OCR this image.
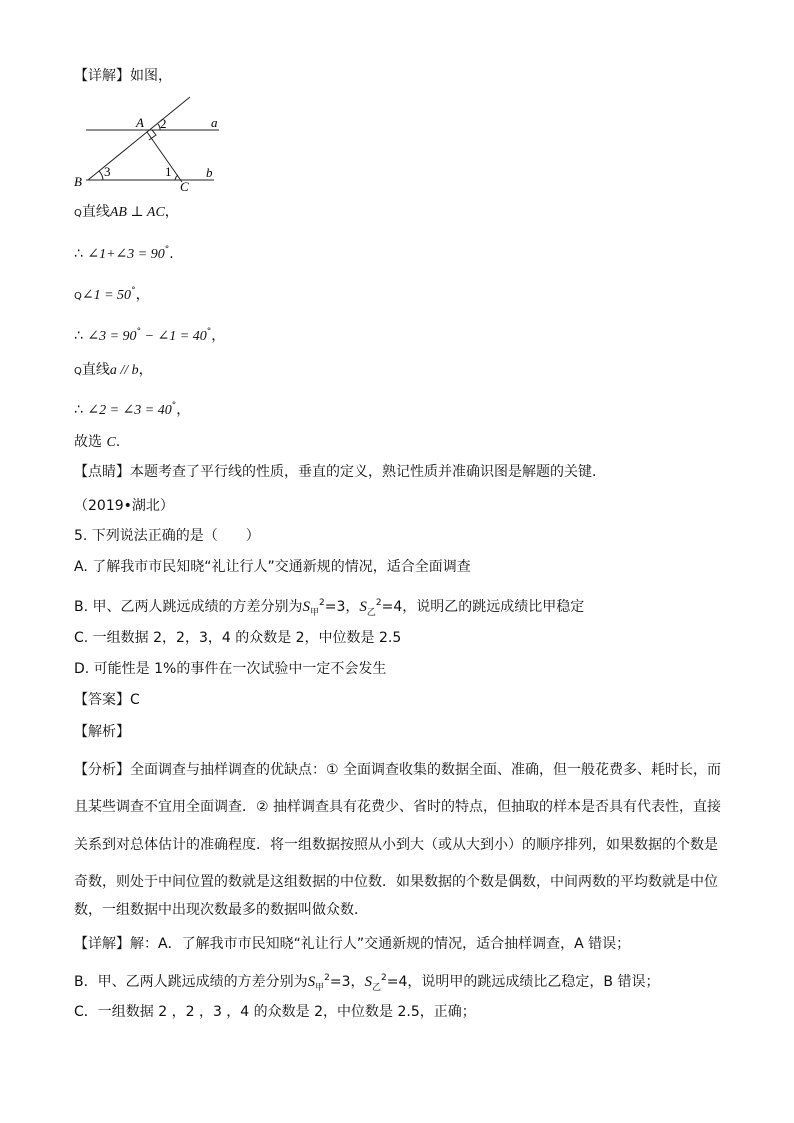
【详解】如图，
A 2	a
B
3	1
C
b
Q直线AB ⊥ AC，
∴ ∠1+∠3 = 90°.
Q∠1 = 50°，
∴ ∠3 = 90° − ∠1 = 40°，
Q直线a // b，
∴ ∠2 = ∠3 = 40°，
故选 C.
【点睛】本题考查了平行线的性质，垂直的定义，熟记性质并准确识图是解题的关键.
（2019•湖北）
5. 下列说法正确的是（　　）
A. 了解我市市民知晓“礼让行人”交通新规的情况，适合全面调查
B. 甲、乙两人跳远成绩的方差分别为$S_甲^2=3$，$S_乙^2=4$，说明乙的跳远成绩比甲稳定
C. 一组数据 2，2，3，4 的众数是 2，中位数是 2.5
D. 可能性是 1%的事件在一次试验中一定不会发生
【答案】C
【解析】
【分析】全面调查与抽样调查的优缺点：① 全面调查收集的数据全面、准确，但一般花费多、耗时长，而
且某些调查不宜用全面调查．② 抽样调查具有花费少、省时的特点，但抽取的样本是否具有代表性，直接
关系到对总体估计的准确程度．将一组数据按照从小到大（或从大到小）的顺序排列，如果数据的个数是
奇数，则处于中间位置的数就是这组数据的中位数．如果数据的个数是偶数，中间两数的平均数就是中位
数，一组数据中出现次数最多的数据叫做众数．
【详解】解：A．了解我市市民知晓“礼让行人”交通新规的情况，适合抽样调查，A 错误；
B．甲、乙两人跳远成绩的方差分别为$S_甲^2=3$，$S_乙^2=4$，说明甲的跳远成绩比乙稳定，B 错误；
C．一组数据 2 ，2 ，3 ，4 的众数是 2，中位数是 2.5，正确；
